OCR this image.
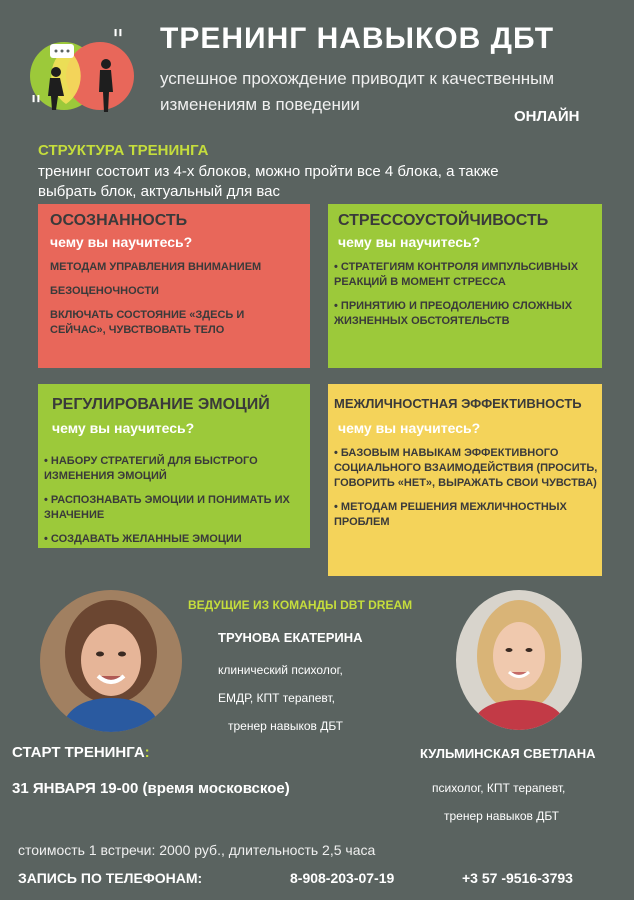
"
"
ТРЕНИНГ НАВЫКОВ ДБТ
успешное прохождение приводит к качественным изменениям в поведении
ОНЛАЙН
СТРУКТУРА ТРЕНИНГА
тренинг состоит из 4-х блоков, можно пройти все 4 блока, а также выбрать блок, актуальный для вас
ОСОЗНАННОСТЬ
чему вы научитесь?
МЕТОДАМ УПРАВЛЕНИЯ ВНИМАНИЕМ
БЕЗОЦЕНОЧНОСТИ
ВКЛЮЧАТЬ СОСТОЯНИЕ «ЗДЕСЬ И СЕЙЧАС», ЧУВСТВОВАТЬ ТЕЛО
СТРЕССОУСТОЙЧИВОСТЬ
чему вы научитесь?
• СТРАТЕГИЯМ КОНТРОЛЯ ИМПУЛЬСИВНЫХ РЕАКЦИЙ В МОМЕНТ СТРЕССА
• ПРИНЯТИЮ И ПРЕОДОЛЕНИЮ СЛОЖНЫХ ЖИЗНЕННЫХ ОБСТОЯТЕЛЬСТВ
РЕГУЛИРОВАНИЕ ЭМОЦИЙ
чему вы научитесь?
• НАБОРУ СТРАТЕГИЙ ДЛЯ БЫСТРОГО ИЗМЕНЕНИЯ ЭМОЦИЙ
• РАСПОЗНАВАТЬ ЭМОЦИИ И ПОНИМАТЬ ИХ ЗНАЧЕНИЕ
• СОЗДАВАТЬ ЖЕЛАННЫЕ ЭМОЦИИ
МЕЖЛИЧНОСТНАЯ ЭФФЕКТИВНОСТЬ
чему вы научитесь?
• БАЗОВЫМ НАВЫКАМ ЭФФЕКТИВНОГО СОЦИАЛЬНОГО ВЗАИМОДЕЙСТВИЯ (ПРОСИТЬ, ГОВОРИТЬ «НЕТ», ВЫРАЖАТЬ СВОИ ЧУВСТВА)
• МЕТОДАМ РЕШЕНИЯ МЕЖЛИЧНОСТНЫХ ПРОБЛЕМ
ВЕДУЩИЕ ИЗ КОМАНДЫ DBT DREAM
ТРУНОВА ЕКАТЕРИНА
клинический психолог,
ЕМДР, КПТ терапевт,
тренер навыков ДБТ
КУЛЬМИНСКАЯ СВЕТЛАНА
психолог, КПТ терапевт,
тренер навыков ДБТ
СТАРТ ТРЕНИНГА:
31 ЯНВАРЯ 19-00 (время московское)
стоимость 1 встречи: 2000 руб., длительность 2,5 часа
ЗАПИСЬ ПО ТЕЛЕФОНАМ:	8-908-203-07-19	+3 57 -9516-3793
